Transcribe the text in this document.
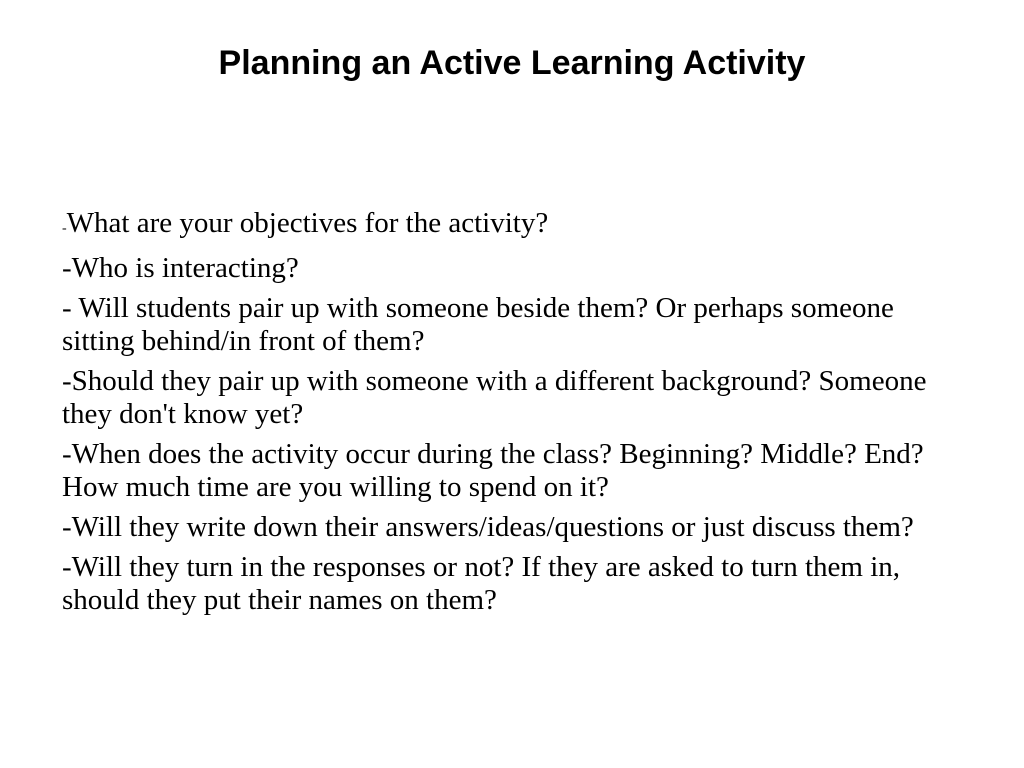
Planning an Active Learning Activity
-What are your objectives for the activity?
-Who is interacting?
- Will students pair up with someone beside them? Or perhaps someone sitting behind/in front of them?
-Should they pair up with someone with a different background? Someone they don't know yet?
-When does the activity occur during the class? Beginning? Middle? End? How much time are you willing to spend on it?
-Will they write down their answers/ideas/questions or just discuss them?
-Will they turn in the responses or not? If they are asked to turn them in, should they put their names on them?
